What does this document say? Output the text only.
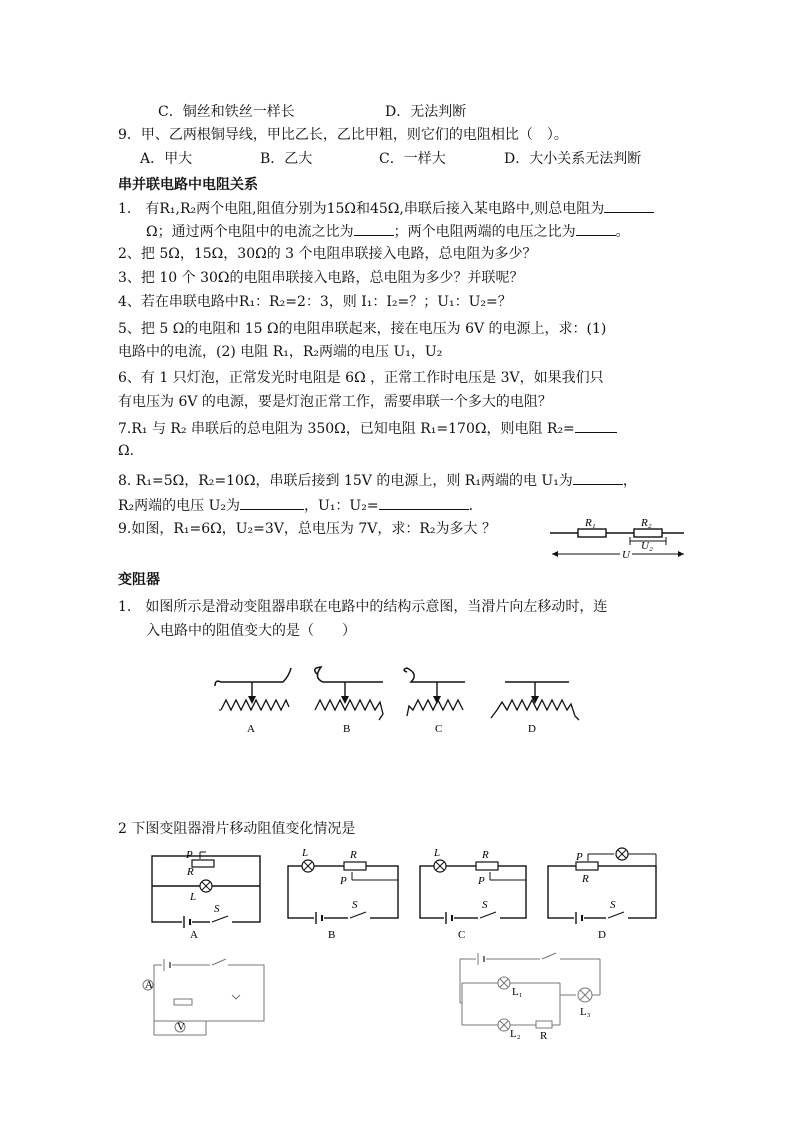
C．铜丝和铁丝一样长	D．无法判断
9．甲、乙两根铜导线，甲比乙长，乙比甲粗，则它们的电阻相比（　）。
A．甲大	B．乙大	C．一样大	D．大小关系无法判断
串并联电路中电阻关系
1.　有R₁,R₂两个电阻,阻值分别为15Ω和45Ω,串联后接入某电路中,则总电阻为
Ω；通过两个电阻中的电流之比为	；两个电阻两端的电压之比为	。
2、把 5Ω，15Ω，30Ω的 3 个电阻串联接入电路，总电阻为多少？
3、把 10 个 30Ω的电阻串联接入电路，总电阻为多少？并联呢？
4、若在串联电路中R₁：R₂=2：3，则 I₁：I₂=？；U₁：U₂=？
5、把 5 Ω的电阻和 15 Ω的电阻串联起来，接在电压为 6V 的电源上，求：(1)
电路中的电流，(2) 电阻 R₁，R₂两端的电压 U₁，U₂
6、有 1 只灯泡，正常发光时电阻是 6Ω ，正常工作时电压是 3V，如果我们只
有电压为 6V 的电源，要是灯泡正常工作，需要串联一个多大的电阻？
7.R₁ 与 R₂ 串联后的总电阻为 350Ω，已知电阻 R₁=170Ω，则电阻 R₂=
Ω.
8. R₁=5Ω，R₂=10Ω，串联后接到 15V 的电源上，则 R₁两端的电 U₁为	，
R₂两端的电压 U₂为	，U₁：U₂=	.
9.如图，R₁=6Ω，U₂=3V，总电压为 7V，求：R₂为多大 ？	R₁	R₂
U₂
U
变阻器
1.　如图所示是滑动变阻器串联在电路中的结构示意图，当滑片向左移动时，连
入电路中的阻值变大的是（　　）
A	B	C	D
2 下图变阻器滑片移动阻值变化情况是
P
R
L
S
A
L	R
P
S
B
L	R
P
S
C
R
P
S
D
A
V
L₁
L₂ R
L₃
